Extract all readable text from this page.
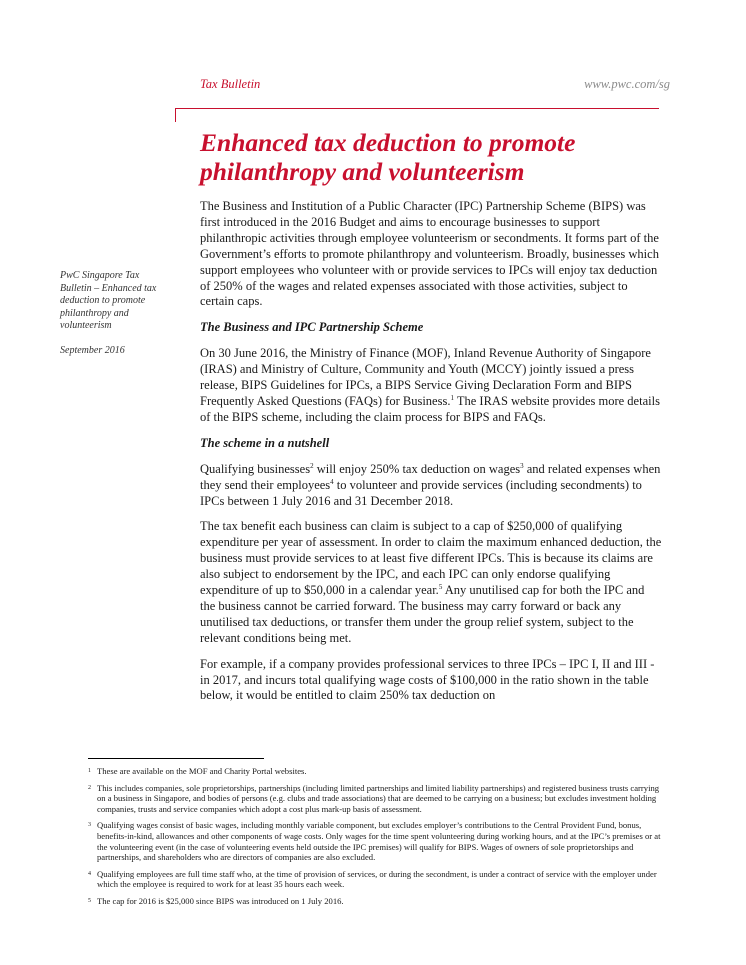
Tax Bulletin	www.pwc.com/sg
Enhanced tax deduction to promote philanthropy and volunteerism
PwC Singapore Tax Bulletin – Enhanced tax deduction to promote philanthropy and volunteerism
September 2016

The Business and Institution of a Public Character (IPC) Partnership Scheme (BIPS) was first introduced in the 2016 Budget and aims to encourage businesses to support philanthropic activities through employee volunteerism or secondments. It forms part of the Government’s efforts to promote philanthropy and volunteerism. Broadly, businesses which support employees who volunteer with or provide services to IPCs will enjoy tax deduction of 250% of the wages and related expenses associated with those activities, subject to certain caps.

The Business and IPC Partnership Scheme

On 30 June 2016, the Ministry of Finance (MOF), Inland Revenue Authority of Singapore (IRAS) and Ministry of Culture, Community and Youth (MCCY) jointly issued a press release, BIPS Guidelines for IPCs, a BIPS Service Giving Declaration Form and BIPS Frequently Asked Questions (FAQs) for Business.$^1$ The IRAS website provides more details of the BIPS scheme, including the claim process for BIPS and FAQs.

The scheme in a nutshell

Qualifying businesses$^2$ will enjoy 250% tax deduction on wages$^3$ and related expenses when they send their employees$^4$ to volunteer and provide services (including secondments) to IPCs between 1 July 2016 and 31 December 2018.

The tax benefit each business can claim is subject to a cap of $250,000 of qualifying expenditure per year of assessment. In order to claim the maximum enhanced deduction, the business must provide services to at least five different IPCs. This is because its claims are also subject to endorsement by the IPC, and each IPC can only endorse qualifying expenditure of up to $50,000 in a calendar year.$^5$ Any unutilised cap for both the IPC and the business cannot be carried forward. The business may carry forward or back any unutilised tax deductions, or transfer them under the group relief system, subject to the relevant conditions being met.

For example, if a company provides professional services to three IPCs – IPC I, II and III - in 2017, and incurs total qualifying wage costs of $100,000 in the ratio shown in the table below, it would be entitled to claim 250% tax deduction on

1 These are available on the MOF and Charity Portal websites.
2 This includes companies, sole proprietorships, partnerships (including limited partnerships and limited liability partnerships) and registered business trusts carrying on a business in Singapore, and bodies of persons (e.g. clubs and trade associations) that are deemed to be carrying on a business; but excludes investment holding companies, trusts and service companies which adopt a cost plus mark-up basis of assessment.
3 Qualifying wages consist of basic wages, including monthly variable component, but excludes employer’s contributions to the Central Provident Fund, bonus, benefits-in-kind, allowances and other components of wage costs. Only wages for the time spent volunteering during working hours, and at the IPC’s premises or at the volunteering event (in the case of volunteering events held outside the IPC premises) will qualify for BIPS. Wages of owners of sole proprietorships and partnerships, and shareholders who are directors of companies are also excluded.
4 Qualifying employees are full time staff who, at the time of provision of services, or during the secondment, is under a contract of service with the employer under which the employee is required to work for at least 35 hours each week.
5 The cap for 2016 is $25,000 since BIPS was introduced on 1 July 2016.
